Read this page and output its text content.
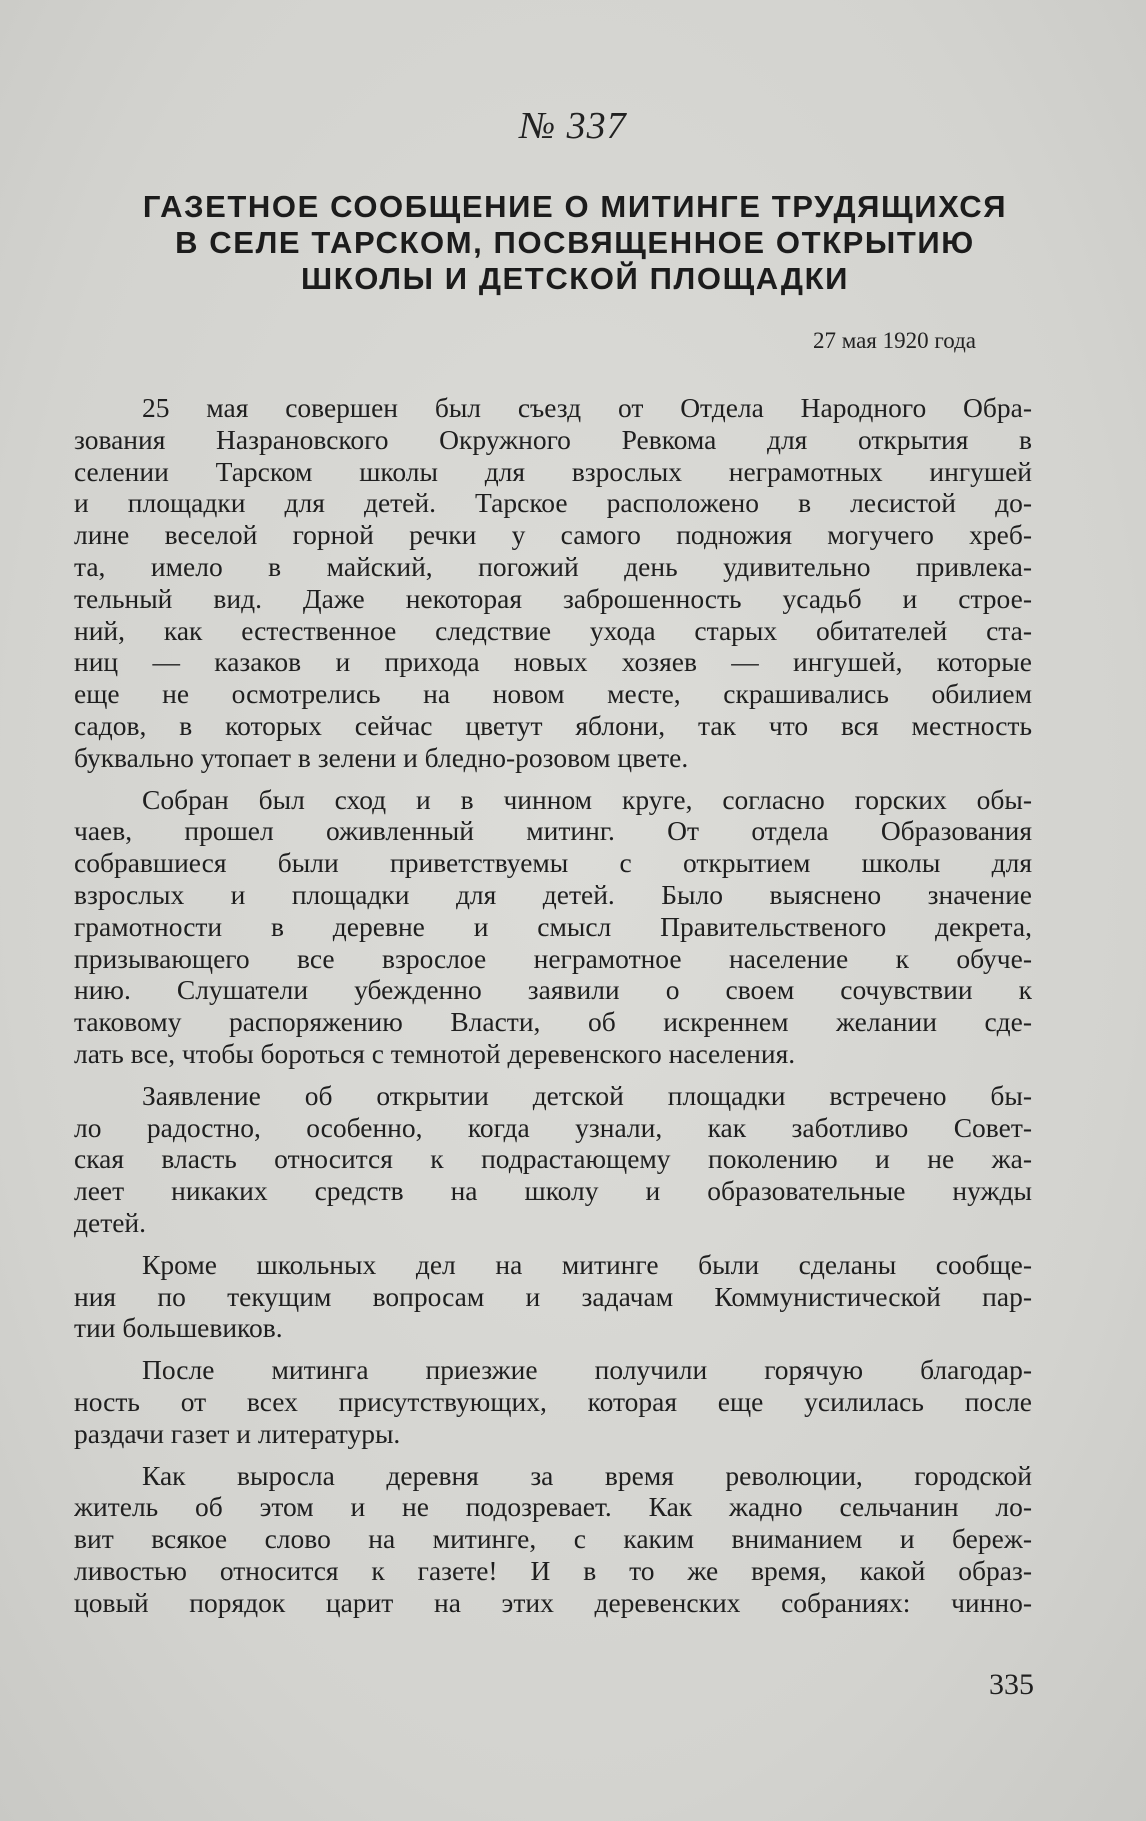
№ 337
ГАЗЕТНОЕ СООБЩЕНИЕ О МИТИНГЕ ТРУДЯЩИХСЯ
В СЕЛЕ ТАРСКОМ, ПОСВЯЩЕННОЕ ОТКРЫТИЮ
ШКОЛЫ И ДЕТСКОЙ ПЛОЩАДКИ
27 мая 1920 года
25 мая совершен был съезд от Отдела Народного Обра-
зования Назрановского Окружного Ревкома для открытия в
селении Тарском школы для взрослых неграмотных ингушей
и площадки для детей. Тарское расположено в лесистой до-
лине веселой горной речки у самого подножия могучего хреб-
та, имело в майский, погожий день удивительно привлека-
тельный вид. Даже некоторая заброшенность усадьб и строе-
ний, как естественное следствие ухода старых обитателей ста-
ниц — казаков и прихода новых хозяев — ингушей, которые
еще не осмотрелись на новом месте, скрашивались обилием
садов, в которых сейчас цветут яблони, так что вся местность
буквально утопает в зелени и бледно-розовом цвете.
Собран был сход и в чинном круге, согласно горских обы-
чаев, прошел оживленный митинг. От отдела Образования
собравшиеся были приветствуемы с открытием школы для
взрослых и площадки для детей. Было выяснено значение
грамотности в деревне и смысл Правительственого декрета,
призывающего все взрослое неграмотное население к обуче-
нию. Слушатели убежденно заявили о своем сочувствии к
таковому распоряжению Власти, об искреннем желании сде-
лать все, чтобы бороться с темнотой деревенского населения.
Заявление об открытии детской площадки встречено бы-
ло радостно, особенно, когда узнали, как заботливо Совет-
ская власть относится к подрастающему поколению и не жа-
леет никаких средств на школу и образовательные нужды
детей.
Кроме школьных дел на митинге были сделаны сообще-
ния по текущим вопросам и задачам Коммунистической пар-
тии большевиков.
После митинга приезжие получили горячую благодар-
ность от всех присутствующих, которая еще усилилась после
раздачи газет и литературы.
Как выросла деревня за время революции, городской
житель об этом и не подозревает. Как жадно сельчанин ло-
вит всякое слово на митинге, с каким вниманием и береж-
ливостью относится к газете! И в то же время, какой образ-
цовый порядок царит на этих деревенских собраниях: чинно-
335
